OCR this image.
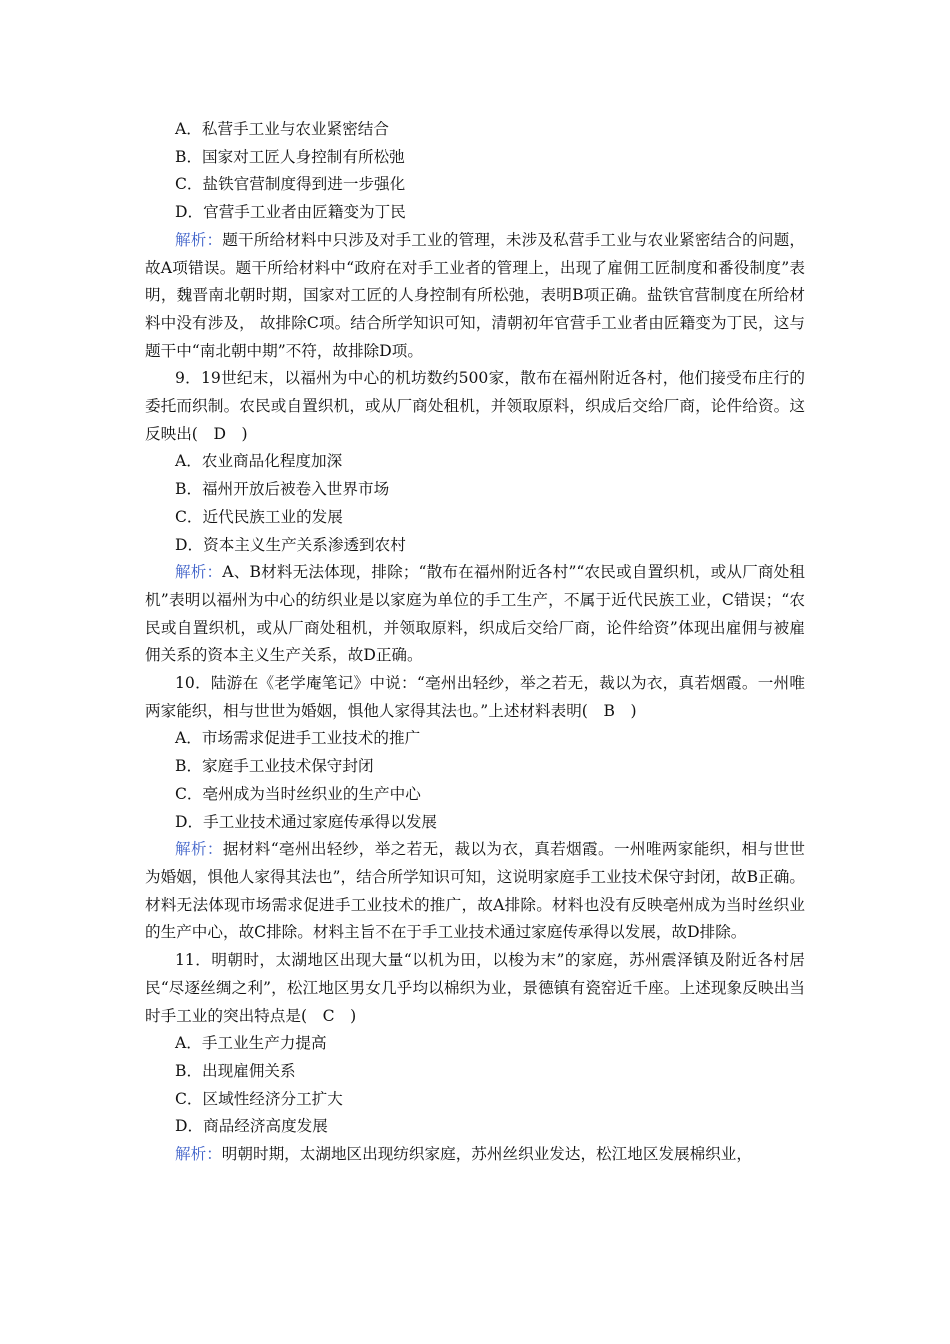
A．私营手工业与农业紧密结合
B．国家对工匠人身控制有所松弛
C．盐铁官营制度得到进一步强化
D．官营手工业者由匠籍变为丁民
解析：题干所给材料中只涉及对手工业的管理，未涉及私营手工业与农业紧密结合的问题，故A项错误。题干所给材料中“政府在对手工业者的管理上，出现了雇佣工匠制度和番役制度”表明，魏晋南北朝时期，国家对工匠的人身控制有所松弛，表明B项正确。盐铁官营制度在所给材料中没有涉及， 故排除C项。结合所学知识可知，清朝初年官营手工业者由匠籍变为丁民，这与题干中“南北朝中期”不符，故排除D项。
9．19世纪末，以福州为中心的机坊数约500家，散布在福州附近各村，他们接受布庄行的委托而织制。农民或自置织机，或从厂商处租机，并领取原料，织成后交给厂商，论件给资。这反映出(　D　)
A．农业商品化程度加深
B．福州开放后被卷入世界市场
C．近代民族工业的发展
D．资本主义生产关系渗透到农村
解析：A、B材料无法体现，排除；“散布在福州附近各村”“农民或自置织机，或从厂商处租机”表明以福州为中心的纺织业是以家庭为单位的手工生产，不属于近代民族工业，C错误；“农民或自置织机，或从厂商处租机，并领取原料，织成后交给厂商，论件给资”体现出雇佣与被雇佣关系的资本主义生产关系，故D正确。
10．陆游在《老学庵笔记》中说：“亳州出轻纱，举之若无，裁以为衣，真若烟霞。一州唯两家能织，相与世世为婚姻，惧他人家得其法也。”上述材料表明(　B　)
A．市场需求促进手工业技术的推广
B．家庭手工业技术保守封闭
C．亳州成为当时丝织业的生产中心
D．手工业技术通过家庭传承得以发展
解析：据材料“亳州出轻纱，举之若无，裁以为衣，真若烟霞。一州唯两家能织，相与世世为婚姻，惧他人家得其法也”，结合所学知识可知，这说明家庭手工业技术保守封闭，故B正确。材料无法体现市场需求促进手工业技术的推广，故A排除。材料也没有反映亳州成为当时丝织业的生产中心，故C排除。材料主旨不在于手工业技术通过家庭传承得以发展，故D排除。
11．明朝时，太湖地区出现大量“以机为田，以梭为末”的家庭，苏州震泽镇及附近各村居民“尽逐丝绸之利”，松江地区男女几乎均以棉织为业，景德镇有瓷窑近千座。上述现象反映出当时手工业的突出特点是(　C　)
A．手工业生产力提高
B．出现雇佣关系
C．区域性经济分工扩大
D．商品经济高度发展
解析：明朝时期，太湖地区出现纺织家庭，苏州丝织业发达，松江地区发展棉织业，
